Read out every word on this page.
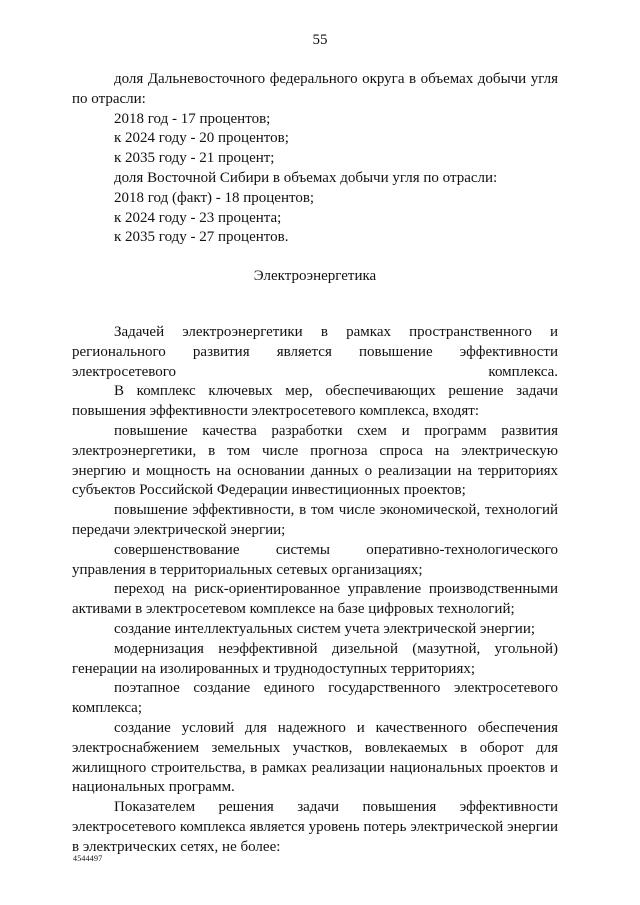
55

доля Дальневосточного федерального округа в объемах добычи угля по отрасли:

2018 год - 17 процентов;

к 2024 году - 20 процентов;

к 2035 году - 21 процент;

доля Восточной Сибири в объемах добычи угля по отрасли:

2018 год (факт) - 18 процентов;

к 2024 году - 23 процента;

к 2035 году - 27 процентов.

Электроэнергетика

Задачей электроэнергетики в рамках пространственного и регионального развития является повышение эффективности электросетевого комплекса.

В комплекс ключевых мер, обеспечивающих решение задачи повышения эффективности электросетевого комплекса, входят:

повышение качества разработки схем и программ развития электроэнергетики, в том числе прогноза спроса на электрическую энергию и мощность на основании данных о реализации на территориях субъектов Российской Федерации инвестиционных проектов;

повышение эффективности, в том числе экономической, технологий передачи электрической энергии;

совершенствование системы оперативно-технологического управления в территориальных сетевых организациях;

переход на риск-ориентированное управление производственными активами в электросетевом комплексе на базе цифровых технологий;

создание интеллектуальных систем учета электрической энергии;

модернизация неэффективной дизельной (мазутной, угольной) генерации на изолированных и труднодоступных территориях;

поэтапное создание единого государственного электросетевого комплекса;

создание условий для надежного и качественного обеспечения электроснабжением земельных участков, вовлекаемых в оборот для жилищного строительства, в рамках реализации национальных проектов и национальных программ.

Показателем решения задачи повышения эффективности электросетевого комплекса является уровень потерь электрической энергии в электрических сетях, не более:

4544497
